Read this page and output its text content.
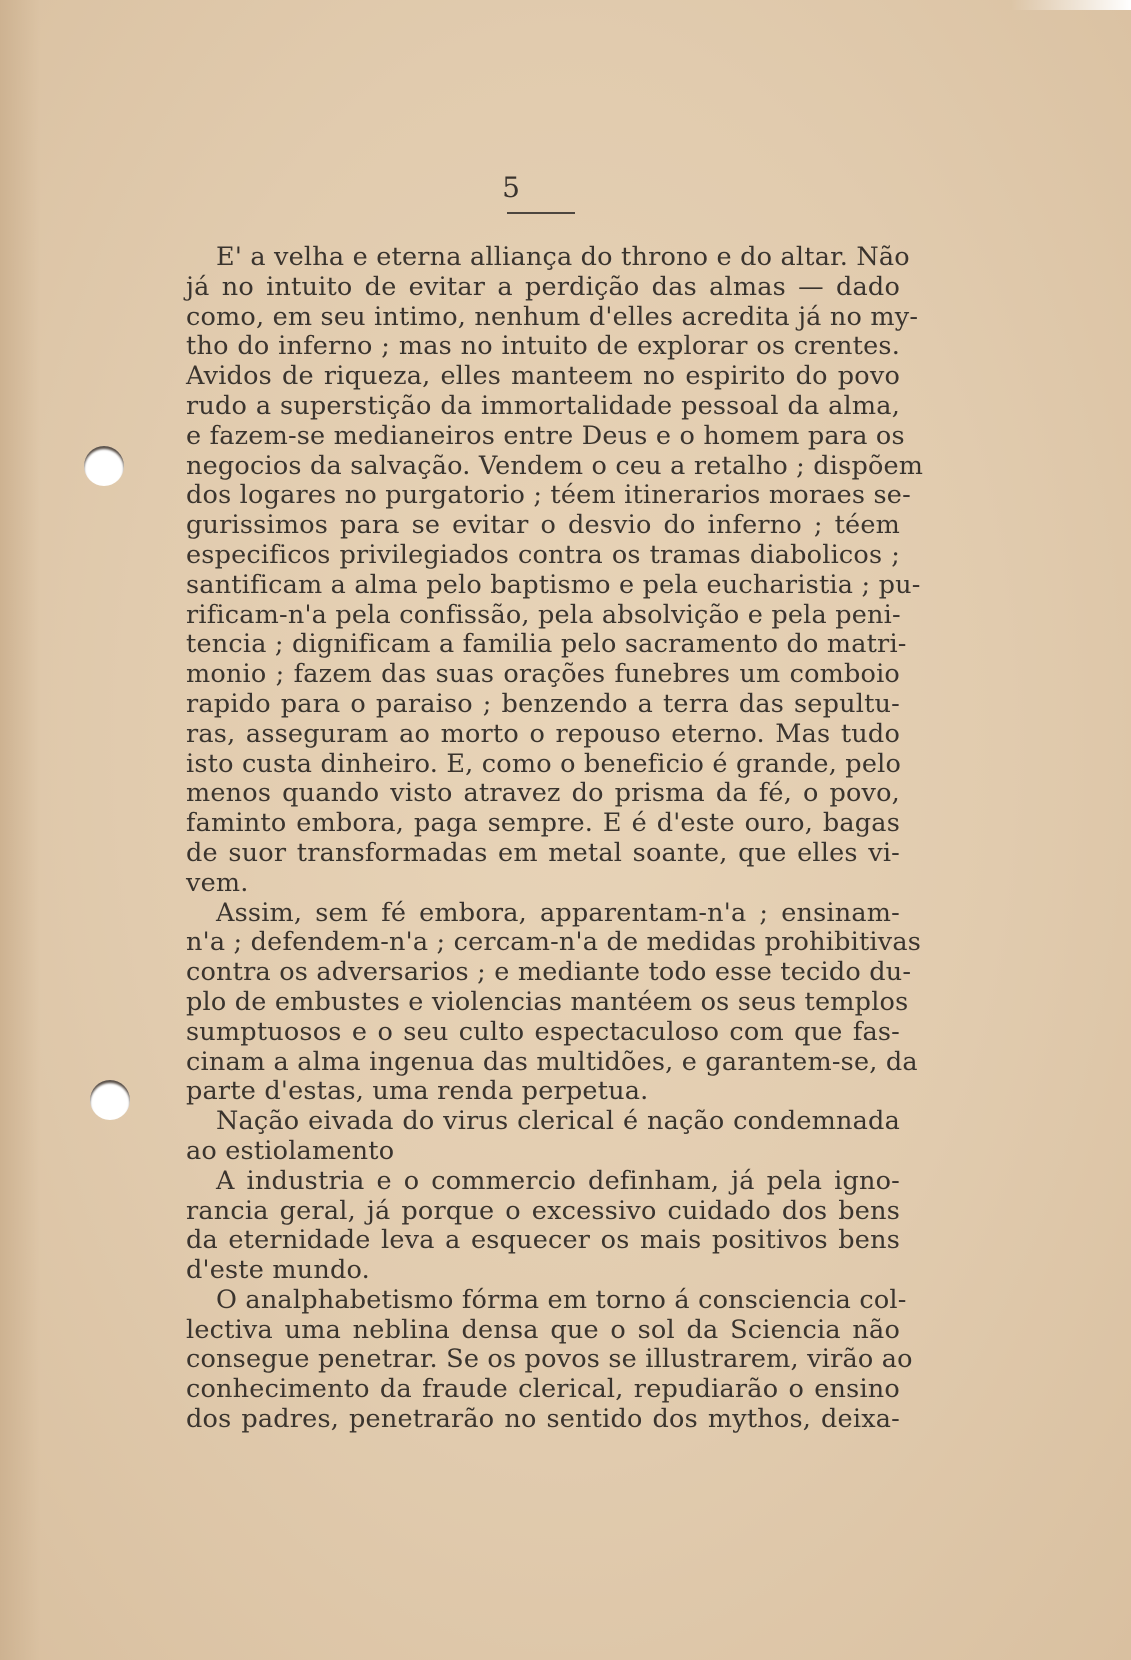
5
E' a velha e eterna alliança do throno e do altar. Não
já no intuito de evitar a perdição das almas — dado
como, em seu intimo, nenhum d'elles acredita já no my-
tho do inferno ; mas no intuito de explorar os crentes.
Avidos de riqueza, elles manteem no espirito do povo
rudo a superstição da immortalidade pessoal da alma,
e fazem-se medianeiros entre Deus e o homem para os
negocios da salvação. Vendem o ceu a retalho ; dispõem
dos logares no purgatorio ; téem itinerarios moraes se-
gurissimos para se evitar o desvio do inferno ; téem
especificos privilegiados contra os tramas diabolicos ;
santificam a alma pelo baptismo e pela eucharistia ; pu-
rificam-n'a pela confissão, pela absolvição e pela peni-
tencia ; dignificam a familia pelo sacramento do matri-
monio ; fazem das suas orações funebres um comboio
rapido para o paraiso ; benzendo a terra das sepultu-
ras, asseguram ao morto o repouso eterno. Mas tudo
isto custa dinheiro. E, como o beneficio é grande, pelo
menos quando visto atravez do prisma da fé, o povo,
faminto embora, paga sempre. E é d'este ouro, bagas
de suor transformadas em metal soante, que elles vi-
vem.
Assim, sem fé embora, apparentam-n'a ; ensinam-
n'a ; defendem-n'a ; cercam-n'a de medidas prohibitivas
contra os adversarios ; e mediante todo esse tecido du-
plo de embustes e violencias mantéem os seus templos
sumptuosos e o seu culto espectaculoso com que fas-
cinam a alma ingenua das multidões, e garantem-se, da
parte d'estas, uma renda perpetua.
Nação eivada do virus clerical é nação condemnada
ao estiolamento
A industria e o commercio definham, já pela igno-
rancia geral, já porque o excessivo cuidado dos bens
da eternidade leva a esquecer os mais positivos bens
d'este mundo.
O analphabetismo fórma em torno á consciencia col-
lectiva uma neblina densa que o sol da Sciencia não
consegue penetrar. Se os povos se illustrarem, virão ao
conhecimento da fraude clerical, repudiarão o ensino
dos padres, penetrarão no sentido dos mythos, deixa-
